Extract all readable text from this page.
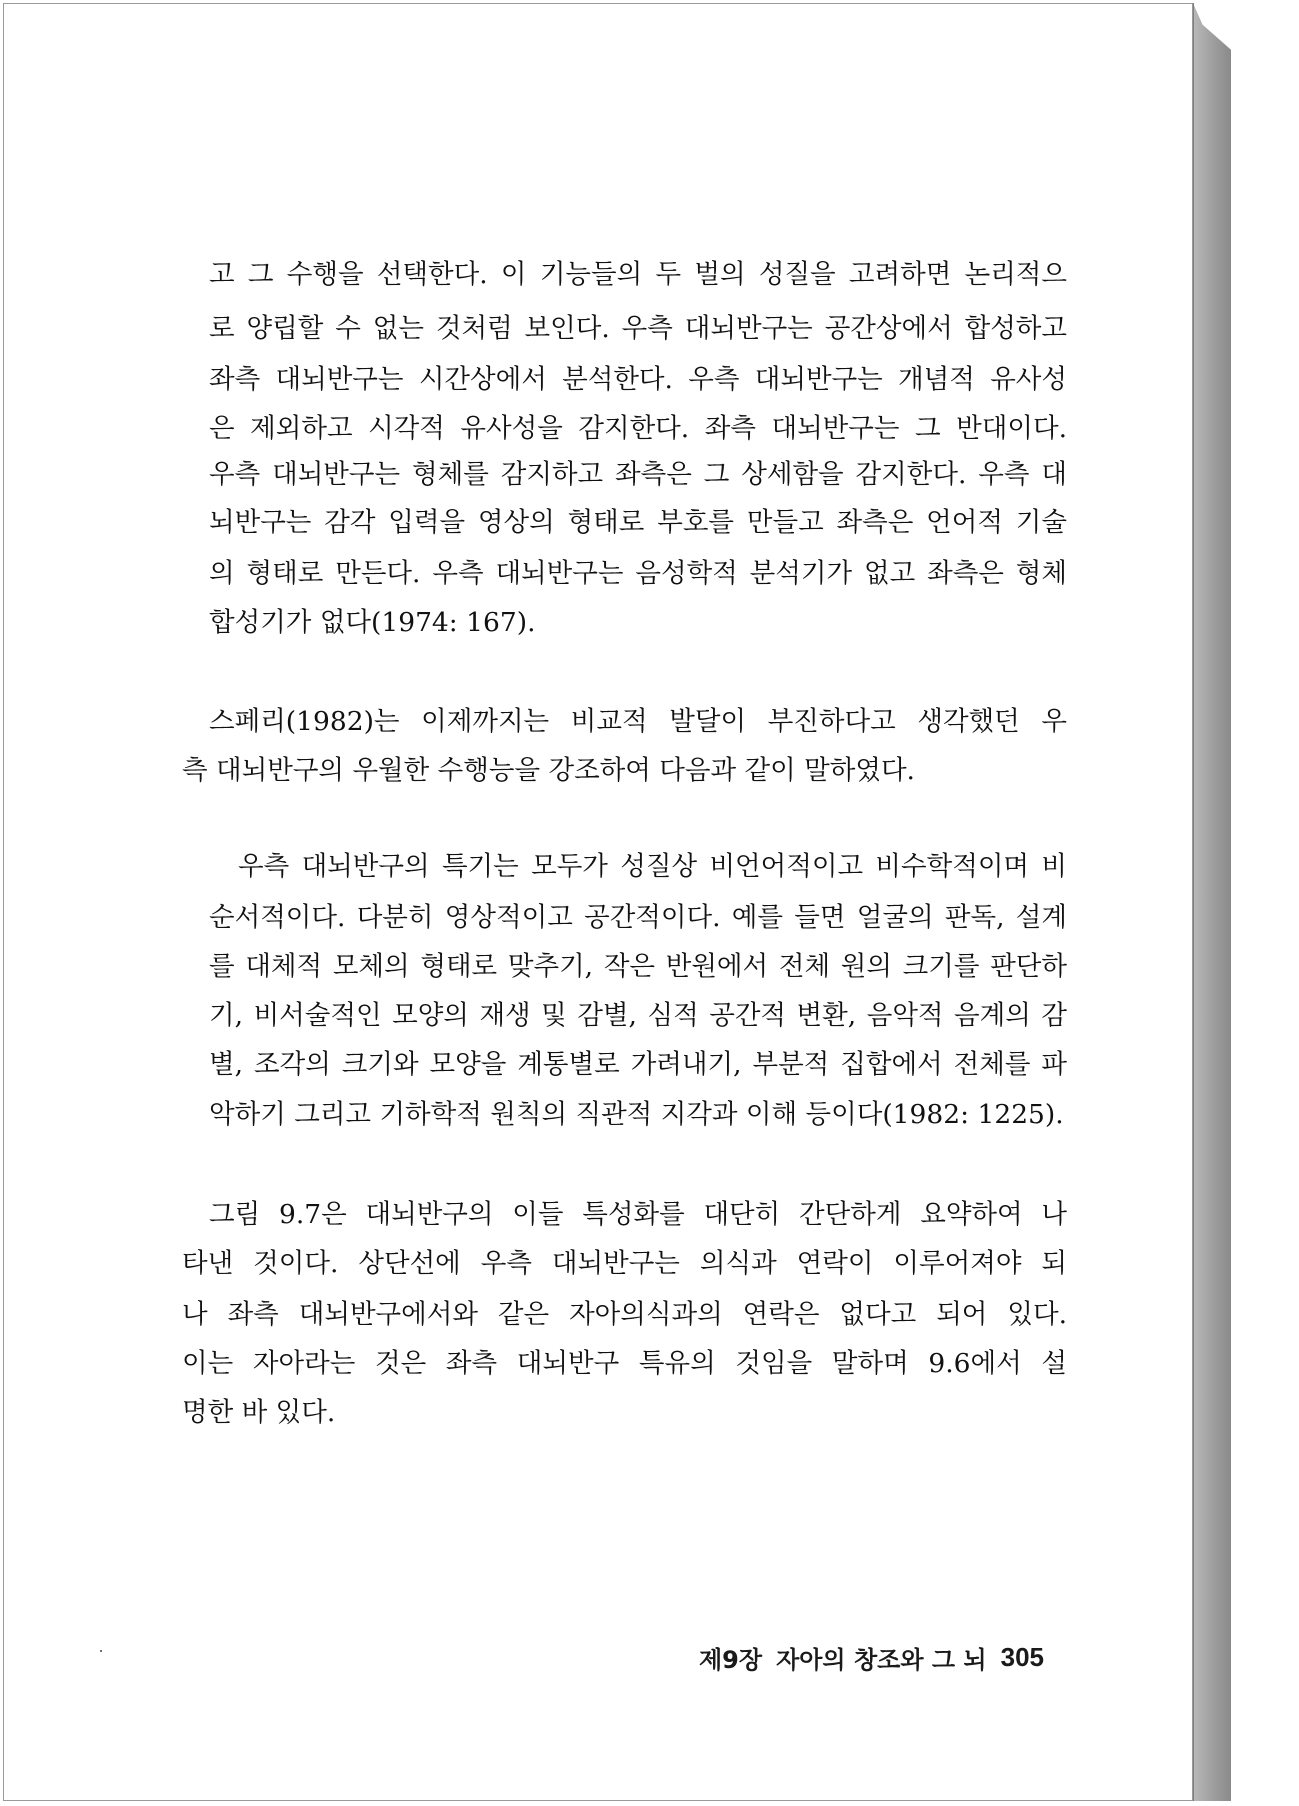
고 그 수행을 선택한다. 이 기능들의 두 벌의 성질을 고려하면 논리적으
로 양립할 수 없는 것처럼 보인다. 우측 대뇌반구는 공간상에서 합성하고
좌측 대뇌반구는 시간상에서 분석한다. 우측 대뇌반구는 개념적 유사성
은 제외하고 시각적 유사성을 감지한다. 좌측 대뇌반구는 그 반대이다.
우측 대뇌반구는 형체를 감지하고 좌측은 그 상세함을 감지한다. 우측 대
뇌반구는 감각 입력을 영상의 형태로 부호를 만들고 좌측은 언어적 기술
의 형태로 만든다. 우측 대뇌반구는 음성학적 분석기가 없고 좌측은 형체
합성기가 없다(1974: 167).
스페리(1982)는 이제까지는 비교적 발달이 부진하다고 생각했던 우
측 대뇌반구의 우월한 수행능을 강조하여 다음과 같이 말하였다.
우측 대뇌반구의 특기는 모두가 성질상 비언어적이고 비수학적이며 비
순서적이다. 다분히 영상적이고 공간적이다. 예를 들면 얼굴의 판독, 설계
를 대체적 모체의 형태로 맞추기, 작은 반원에서 전체 원의 크기를 판단하
기, 비서술적인 모양의 재생 및 감별, 심적 공간적 변환, 음악적 음계의 감
별, 조각의 크기와 모양을 계통별로 가려내기, 부분적 집합에서 전체를 파
악하기 그리고 기하학적 원칙의 직관적 지각과 이해 등이다(1982: 1225).
그림 9.7은 대뇌반구의 이들 특성화를 대단히 간단하게 요약하여 나
타낸 것이다. 상단선에 우측 대뇌반구는 의식과 연락이 이루어져야 되
나 좌측 대뇌반구에서와 같은 자아의식과의 연락은 없다고 되어 있다.
이는 자아라는 것은 좌측 대뇌반구 특유의 것임을 말하며 9.6에서 설
명한 바 있다.
제9장 자아의 창조와 그 뇌 305
